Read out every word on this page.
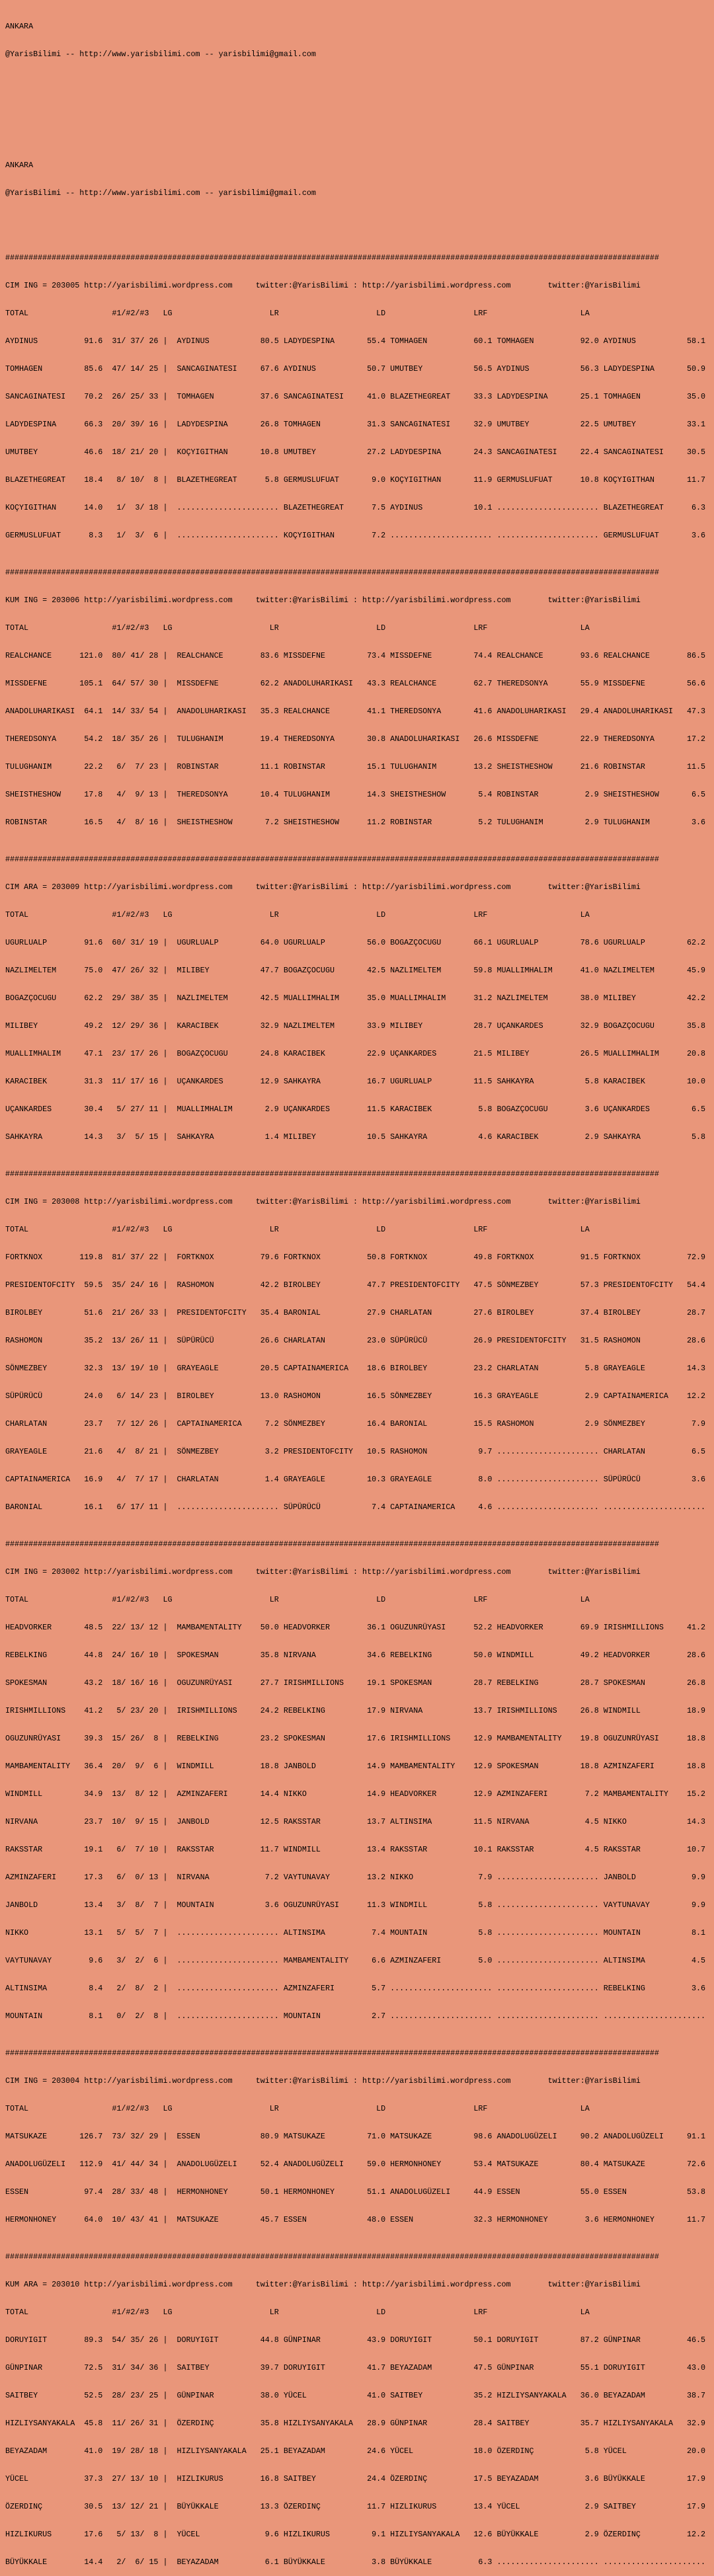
ANKARA

@YarisBilimi -- http://www.yarisbilimi.com -- yarisbilimi@gmail.com

ANKARA

@YarisBilimi -- http://www.yarisbilimi.com -- yarisbilimi@gmail.com

#############################################################################################################################################

CIM ING = 203005 http://yarisbilimi.wordpress.com     twitter:@YarisBilimi : http://yarisbilimi.wordpress.com        twitter:@YarisBilimi

TOTAL                  #1/#2/#3   LG                     LR                     LD                   LRF                    LA

AYDINUS          91.6  31/ 37/ 26 |  AYDINUS           80.5 LADYDESPINA       55.4 TOMHAGEN          60.1 TOMHAGEN          92.0 AYDINUS           58.1

TOMHAGEN         85.6  47/ 14/ 25 |  SANCAGINATESI     67.6 AYDINUS           50.7 UMUTBEY           56.5 AYDINUS           56.3 LADYDESPINA       50.9

SANCAGINATESI    70.2  26/ 25/ 33 |  TOMHAGEN          37.6 SANCAGINATESI     41.0 BLAZETHEGREAT     33.3 LADYDESPINA       25.1 TOMHAGEN          35.0

LADYDESPINA      66.3  20/ 39/ 16 |  LADYDESPINA       26.8 TOMHAGEN          31.3 SANCAGINATESI     32.9 UMUTBEY           22.5 UMUTBEY           33.1

UMUTBEY          46.6  18/ 21/ 20 |  KOÇYIGITHAN       10.8 UMUTBEY           27.2 LADYDESPINA       24.3 SANCAGINATESI     22.4 SANCAGINATESI     30.5

BLAZETHEGREAT    18.4   8/ 10/  8 |  BLAZETHEGREAT      5.8 GERMUSLUFUAT       9.0 KOÇYIGITHAN       11.9 GERMUSLUFUAT      10.8 KOÇYIGITHAN       11.7

KOÇYIGITHAN      14.0   1/  3/ 18 |  ...................... BLAZETHEGREAT      7.5 AYDINUS           10.1 ...................... BLAZETHEGREAT      6.3

GERMUSLUFUAT      8.3   1/  3/  6 |  ...................... KOÇYIGITHAN        7.2 ...................... ...................... GERMUSLUFUAT       3.6

#############################################################################################################################################

KUM ING = 203006 http://yarisbilimi.wordpress.com     twitter:@YarisBilimi : http://yarisbilimi.wordpress.com        twitter:@YarisBilimi

TOTAL                  #1/#2/#3   LG                     LR                     LD                   LRF                    LA

REALCHANCE      121.0  80/ 41/ 28 |  REALCHANCE        83.6 MISSDEFNE         73.4 MISSDEFNE         74.4 REALCHANCE        93.6 REALCHANCE        86.5

MISSDEFNE       105.1  64/ 57/ 30 |  MISSDEFNE         62.2 ANADOLUHARIKASI   43.3 REALCHANCE        62.7 THEREDSONYA       55.9 MISSDEFNE         56.6

ANADOLUHARIKASI  64.1  14/ 33/ 54 |  ANADOLUHARIKASI   35.3 REALCHANCE        41.1 THEREDSONYA       41.6 ANADOLUHARIKASI   29.4 ANADOLUHARIKASI   47.3

THEREDSONYA      54.2  18/ 35/ 26 |  TULUGHANIM        19.4 THEREDSONYA       30.8 ANADOLUHARIKASI   26.6 MISSDEFNE         22.9 THEREDSONYA       17.2

TULUGHANIM       22.2   6/  7/ 23 |  ROBINSTAR         11.1 ROBINSTAR         15.1 TULUGHANIM        13.2 SHEISTHESHOW      21.6 ROBINSTAR         11.5

SHEISTHESHOW     17.8   4/  9/ 13 |  THEREDSONYA       10.4 TULUGHANIM        14.3 SHEISTHESHOW       5.4 ROBINSTAR          2.9 SHEISTHESHOW       6.5

ROBINSTAR        16.5   4/  8/ 16 |  SHEISTHESHOW       7.2 SHEISTHESHOW      11.2 ROBINSTAR          5.2 TULUGHANIM         2.9 TULUGHANIM         3.6

#############################################################################################################################################

CIM ARA = 203009 http://yarisbilimi.wordpress.com     twitter:@YarisBilimi : http://yarisbilimi.wordpress.com        twitter:@YarisBilimi

TOTAL                  #1/#2/#3   LG                     LR                     LD                   LRF                    LA

UGURLUALP        91.6  60/ 31/ 19 |  UGURLUALP         64.0 UGURLUALP         56.0 BOGAZÇOCUGU       66.1 UGURLUALP         78.6 UGURLUALP         62.2

NAZLIMELTEM      75.0  47/ 26/ 32 |  MILIBEY           47.7 BOGAZÇOCUGU       42.5 NAZLIMELTEM       59.8 MUALLIMHALIM      41.0 NAZLIMELTEM       45.9

BOGAZÇOCUGU      62.2  29/ 38/ 35 |  NAZLIMELTEM       42.5 MUALLIMHALIM      35.0 MUALLIMHALIM      31.2 NAZLIMELTEM       38.0 MILIBEY           42.2

MILIBEY          49.2  12/ 29/ 36 |  KARACIBEK         32.9 NAZLIMELTEM       33.9 MILIBEY           28.7 UÇANKARDES        32.9 BOGAZÇOCUGU       35.8

MUALLIMHALIM     47.1  23/ 17/ 26 |  BOGAZÇOCUGU       24.8 KARACIBEK         22.9 UÇANKARDES        21.5 MILIBEY           26.5 MUALLIMHALIM      20.8

KARACIBEK        31.3  11/ 17/ 16 |  UÇANKARDES        12.9 SAHKAYRA          16.7 UGURLUALP         11.5 SAHKAYRA           5.8 KARACIBEK         10.0

UÇANKARDES       30.4   5/ 27/ 11 |  MUALLIMHALIM       2.9 UÇANKARDES        11.5 KARACIBEK          5.8 BOGAZÇOCUGU        3.6 UÇANKARDES         6.5

SAHKAYRA         14.3   3/  5/ 15 |  SAHKAYRA           1.4 MILIBEY           10.5 SAHKAYRA           4.6 KARACIBEK          2.9 SAHKAYRA           5.8

#############################################################################################################################################

CIM ING = 203008 http://yarisbilimi.wordpress.com     twitter:@YarisBilimi : http://yarisbilimi.wordpress.com        twitter:@YarisBilimi

TOTAL                  #1/#2/#3   LG                     LR                     LD                   LRF                    LA

FORTKNOX        119.8  81/ 37/ 22 |  FORTKNOX          79.6 FORTKNOX          50.8 FORTKNOX          49.8 FORTKNOX          91.5 FORTKNOX          72.9

PRESIDENTOFCITY  59.5  35/ 24/ 16 |  RASHOMON          42.2 BIROLBEY          47.7 PRESIDENTOFCITY   47.5 SÖNMEZBEY         57.3 PRESIDENTOFCITY   54.4

BIROLBEY         51.6  21/ 26/ 33 |  PRESIDENTOFCITY   35.4 BARONIAL          27.9 CHARLATAN         27.6 BIROLBEY          37.4 BIROLBEY          28.7

RASHOMON         35.2  13/ 26/ 11 |  SÜPÜRÜCÜ          26.6 CHARLATAN         23.0 SÜPÜRÜCÜ          26.9 PRESIDENTOFCITY   31.5 RASHOMON          28.6

SÖNMEZBEY        32.3  13/ 19/ 10 |  GRAYEAGLE         20.5 CAPTAINAMERICA    18.6 BIROLBEY          23.2 CHARLATAN          5.8 GRAYEAGLE         14.3

SÜPÜRÜCÜ         24.0   6/ 14/ 23 |  BIROLBEY          13.0 RASHOMON          16.5 SÖNMEZBEY         16.3 GRAYEAGLE          2.9 CAPTAINAMERICA    12.2

CHARLATAN        23.7   7/ 12/ 26 |  CAPTAINAMERICA     7.2 SÖNMEZBEY         16.4 BARONIAL          15.5 RASHOMON           2.9 SÖNMEZBEY          7.9

GRAYEAGLE        21.6   4/  8/ 21 |  SÖNMEZBEY          3.2 PRESIDENTOFCITY   10.5 RASHOMON           9.7 ...................... CHARLATAN          6.5

CAPTAINAMERICA   16.9   4/  7/ 17 |  CHARLATAN          1.4 GRAYEAGLE         10.3 GRAYEAGLE          8.0 ...................... SÜPÜRÜCÜ           3.6

BARONIAL         16.1   6/ 17/ 11 |  ...................... SÜPÜRÜCÜ           7.4 CAPTAINAMERICA     4.6 ...................... ......................

#############################################################################################################################################

CIM ING = 203002 http://yarisbilimi.wordpress.com     twitter:@YarisBilimi : http://yarisbilimi.wordpress.com        twitter:@YarisBilimi

TOTAL                  #1/#2/#3   LG                     LR                     LD                   LRF                    LA

HEADVORKER       48.5  22/ 13/ 12 |  MAMBAMENTALITY    50.0 HEADVORKER        36.1 OGUZUNRÜYASI      52.2 HEADVORKER        69.9 IRISHMILLIONS     41.2

REBELKING        44.8  24/ 16/ 10 |  SPOKESMAN         35.8 NIRVANA           34.6 REBELKING         50.0 WINDMILL          49.2 HEADVORKER        28.6

SPOKESMAN        43.2  18/ 16/ 16 |  OGUZUNRÜYASI      27.7 IRISHMILLIONS     19.1 SPOKESMAN         28.7 REBELKING         28.7 SPOKESMAN         26.8

IRISHMILLIONS    41.2   5/ 23/ 20 |  IRISHMILLIONS     24.2 REBELKING         17.9 NIRVANA           13.7 IRISHMILLIONS     26.8 WINDMILL          18.9

OGUZUNRÜYASI     39.3  15/ 26/  8 |  REBELKING         23.2 SPOKESMAN         17.6 IRISHMILLIONS     12.9 MAMBAMENTALITY    19.8 OGUZUNRÜYASI      18.8

MAMBAMENTALITY   36.4  20/  9/  6 |  WINDMILL          18.8 JANBOLD           14.9 MAMBAMENTALITY    12.9 SPOKESMAN         18.8 AZMINZAFERI       18.8

WINDMILL         34.9  13/  8/ 12 |  AZMINZAFERI       14.4 NIKKO             14.9 HEADVORKER        12.9 AZMINZAFERI        7.2 MAMBAMENTALITY    15.2

NIRVANA          23.7  10/  9/ 15 |  JANBOLD           12.5 RAKSSTAR          13.7 ALTINSIMA         11.5 NIRVANA            4.5 NIKKO             14.3

RAKSSTAR         19.1   6/  7/ 10 |  RAKSSTAR          11.7 WINDMILL          13.4 RAKSSTAR          10.1 RAKSSTAR           4.5 RAKSSTAR          10.7

AZMINZAFERI      17.3   6/  0/ 13 |  NIRVANA            7.2 VAYTUNAVAY        13.2 NIKKO              7.9 ...................... JANBOLD            9.9

JANBOLD          13.4   3/  8/  7 |  MOUNTAIN           3.6 OGUZUNRÜYASI      11.3 WINDMILL           5.8 ...................... VAYTUNAVAY         9.9

NIKKO            13.1   5/  5/  7 |  ...................... ALTINSIMA          7.4 MOUNTAIN           5.8 ...................... MOUNTAIN           8.1

VAYTUNAVAY        9.6   3/  2/  6 |  ...................... MAMBAMENTALITY     6.6 AZMINZAFERI        5.0 ...................... ALTINSIMA          4.5

ALTINSIMA         8.4   2/  8/  2 |  ...................... AZMINZAFERI        5.7 ...................... ...................... REBELKING          3.6

MOUNTAIN          8.1   0/  2/  8 |  ...................... MOUNTAIN           2.7 ...................... ...................... ......................

#############################################################################################################################################

CIM ING = 203004 http://yarisbilimi.wordpress.com     twitter:@YarisBilimi : http://yarisbilimi.wordpress.com        twitter:@YarisBilimi

TOTAL                  #1/#2/#3   LG                     LR                     LD                   LRF                    LA

MATSUKAZE       126.7  73/ 32/ 29 |  ESSEN             80.9 MATSUKAZE         71.0 MATSUKAZE         98.6 ANADOLUGÜZELI     90.2 ANADOLUGÜZELI     91.1

ANADOLUGÜZELI   112.9  41/ 44/ 34 |  ANADOLUGÜZELI     52.4 ANADOLUGÜZELI     59.0 HERMONHONEY       53.4 MATSUKAZE         80.4 MATSUKAZE         72.6

ESSEN            97.4  28/ 33/ 48 |  HERMONHONEY       50.1 HERMONHONEY       51.1 ANADOLUGÜZELI     44.9 ESSEN             55.0 ESSEN             53.8

HERMONHONEY      64.0  10/ 43/ 41 |  MATSUKAZE         45.7 ESSEN             48.0 ESSEN             32.3 HERMONHONEY        3.6 HERMONHONEY       11.7

#############################################################################################################################################

KUM ARA = 203010 http://yarisbilimi.wordpress.com     twitter:@YarisBilimi : http://yarisbilimi.wordpress.com        twitter:@YarisBilimi

TOTAL                  #1/#2/#3   LG                     LR                     LD                   LRF                    LA

DORUYIGIT        89.3  54/ 35/ 26 |  DORUYIGIT         44.8 GÜNPINAR          43.9 DORUYIGIT         50.1 DORUYIGIT         87.2 GÜNPINAR          46.5

GÜNPINAR         72.5  31/ 34/ 36 |  SAITBEY           39.7 DORUYIGIT         41.7 BEYAZADAM         47.5 GÜNPINAR          55.1 DORUYIGIT         43.0

SAITBEY          52.5  28/ 23/ 25 |  GÜNPINAR          38.0 YÜCEL             41.0 SAITBEY           35.2 HIZLIYSANYAKALA   36.0 BEYAZADAM         38.7

HIZLIYSANYAKALA  45.8  11/ 26/ 31 |  ÖZERDINÇ          35.8 HIZLIYSANYAKALA   28.9 GÜNPINAR          28.4 SAITBEY           35.7 HIZLIYSANYAKALA   32.9

BEYAZADAM        41.0  19/ 28/ 18 |  HIZLIYSANYAKALA   25.1 BEYAZADAM         24.6 YÜCEL             18.0 ÖZERDINÇ           5.8 YÜCEL             20.0

YÜCEL            37.3  27/ 13/ 10 |  HIZLIKURUS        16.8 SAITBEY           24.4 ÖZERDINÇ          17.5 BEYAZADAM          3.6 BÜYÜKKALE         17.9

ÖZERDINÇ         30.5  13/ 12/ 21 |  BÜYÜKKALE         13.3 ÖZERDINÇ          11.7 HIZLIKURUS        13.4 YÜCEL              2.9 SAITBEY           17.9

HIZLIKURUS       17.6   5/ 13/  8 |  YÜCEL              9.6 HIZLIKURUS         9.1 HIZLIYSANYAKALA   12.6 BÜYÜKKALE          2.9 ÖZERDINÇ          12.2

BÜYÜKKALE        14.4   2/  6/ 15 |  BEYAZADAM          6.1 BÜYÜKKALE          3.8 BÜYÜKKALE          6.3 ...................... ......................
